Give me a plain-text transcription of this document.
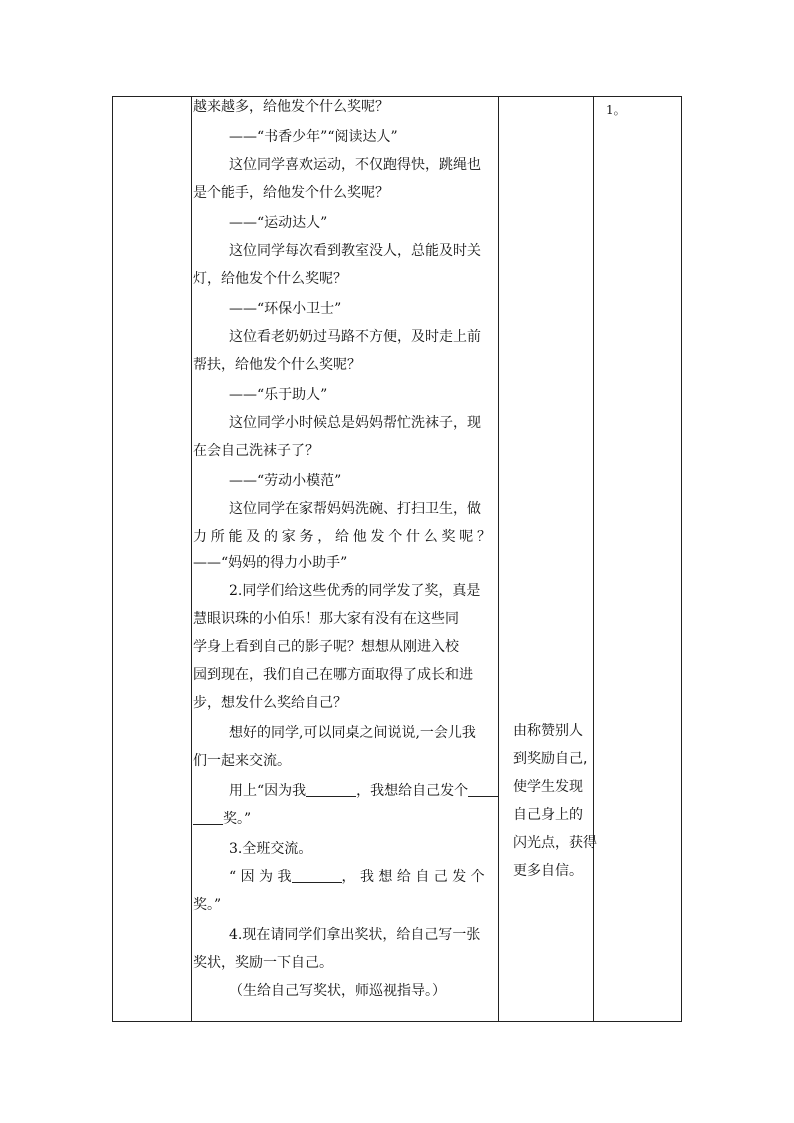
越来越多，给他发个什么奖呢？
——“书香少年”“阅读达人”
这位同学喜欢运动，不仅跑得快，跳绳也
是个能手，给他发个什么奖呢？
——“运动达人”
这位同学每次看到教室没人，总能及时关
灯，给他发个什么奖呢？
——“环保小卫士”
这位看老奶奶过马路不方便，及时走上前
帮扶，给他发个什么奖呢？
——“乐于助人”
这位同学小时候总是妈妈帮忙洗袜子，现
在会自己洗袜子了？
——“劳动小模范”
这位同学在家帮妈妈洗碗、打扫卫生，做
力所能及的家务，给他发个什么奖呢？
——“妈妈的得力小助手”
2.同学们给这些优秀的同学发了奖，真是
慧眼识珠的小伯乐！那大家有没有在这些同
学身上看到自己的影子呢？想想从刚进入校
园到现在，我们自己在哪方面取得了成长和进
步，想发什么奖给自己？
想好的同学,可以同桌之间说说,一会儿我
们一起来交流。
用上“因为我	，我想给自己发个
奖。”
3.全班交流。
“ 因 为 我	， 我 想 给 自 己 发 个
奖。”
4.现在请同学们拿出奖状，给自己写一张
奖状，奖励一下自己。
（生给自己写奖状，师巡视指导。）
由称赞别人
到奖励自己,
使学生发现
自己身上的
闪光点，获得
更多自信。
1。
